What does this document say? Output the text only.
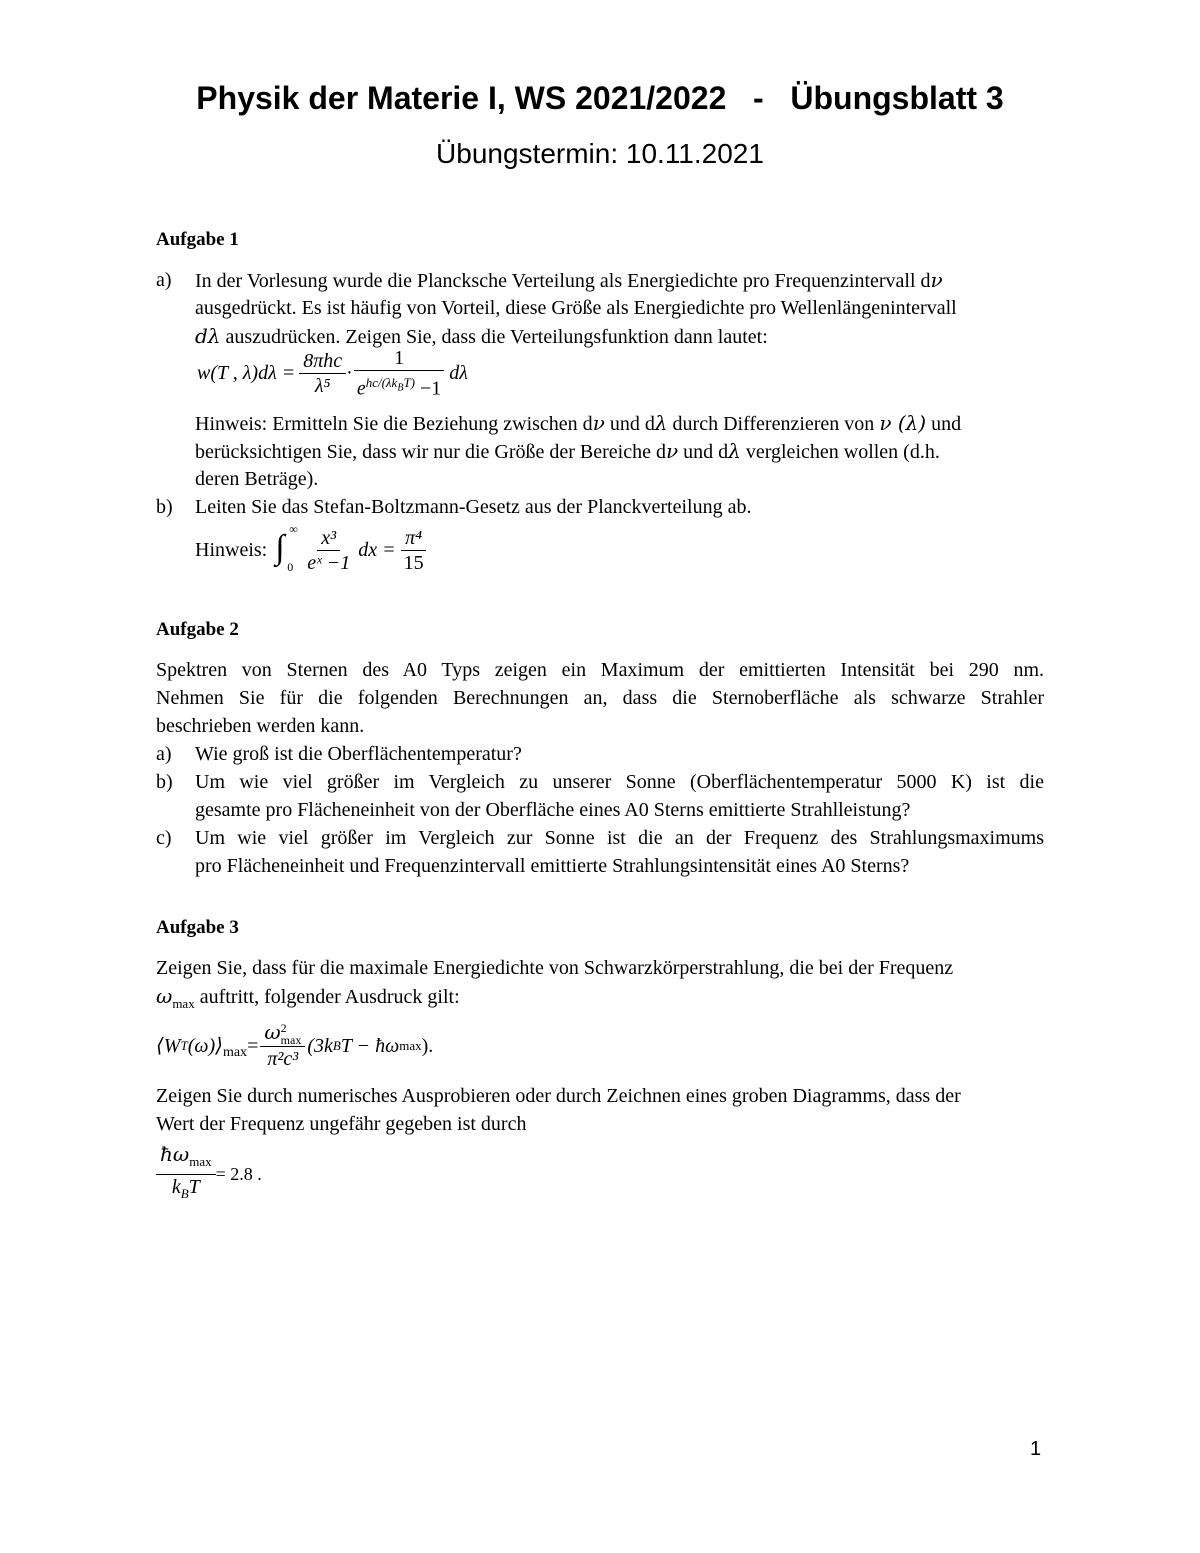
Physik der Materie I, WS 2021/2022   -   Übungsblatt 3
Übungstermin: 10.11.2021
Aufgabe 1
a) In der Vorlesung wurde die Plancksche Verteilung als Energiedichte pro Frequenzintervall dν
ausgedrückt. Es ist häufig von Vorteil, diese Größe als Energiedichte pro Wellenlängenintervall
dλ auszudrücken. Zeigen Sie, dass die Verteilungsfunktion dann lautet:
w(T , $\lambda)d\lambda = \frac{\text{8πhc}}{\text{λ⁵}} \cdot \frac{1}{e^{hc/(\lambda k_BT)} -1}$ dλ
Hinweis: Ermitteln Sie die Beziehung zwischen dν und dλ durch Differenzieren von ν (λ) und
berücksichtigen Sie, dass wir nur die Größe der Bereiche dν und dλ vergleichen wollen (d.h.
deren Beträge).
b) Leiten Sie das Stefan-Boltzmann-Gesetz aus der Planckverteilung ab.
Hinweis: ∫ ∞
$0 \frac{\text{x³}}{\text{eˣ −1}}$ dx = $\frac{\text{π⁴}}{15}$
Aufgabe 2
Spektren von Sternen des A0 Typs zeigen ein Maximum der emittierten Intensität bei 290 nm.
Nehmen Sie für die folgenden Berechnungen an, dass die Sternoberfläche als schwarze Strahler
beschrieben werden kann.
a) Wie groß ist die Oberflächentemperatur?
b) Um wie viel größer im Vergleich zu unserer Sonne (Oberflächentemperatur 5000 K) ist die
gesamte pro Flächeneinheit von der Oberfläche eines A0 Sterns emittierte Strahlleistung?
c) Um wie viel größer im Vergleich zur Sonne ist die an der Frequenz des Strahlungsmaximums
pro Flächeneinheit und Frequenzintervall emittierte Strahlungsintensität eines A0 Sterns?
Aufgabe 3
Zeigen Sie, dass für die maximale Energiedichte von Schwarzkörperstrahlung, die bei der Frequenz
$\omega_{max}$ auftritt, folgender Ausdruck gilt:
⟨W T $(\omega)⟩_{max} = \omega$ 2
max
π²c³ (3k B T − ħω max ).
Zeigen Sie durch numerisches Ausprobieren oder durch Zeichnen eines groben Diagramms, dass der
Wert der Frequenz ungefähr gegeben ist durch
$\frac{ħ\omega_{max}}{k_BT} = 2.8$ .
1
